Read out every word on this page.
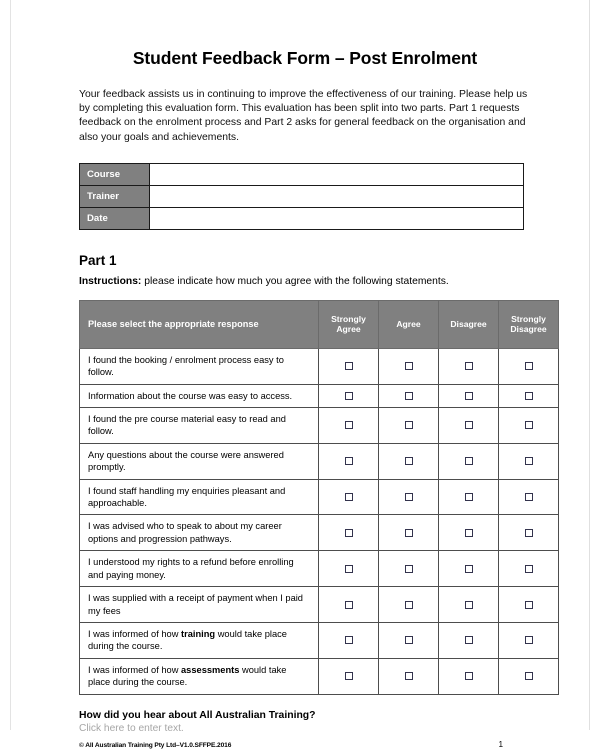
Student Feedback Form – Post Enrolment

Your feedback assists us in continuing to improve the effectiveness of our training. Please help us by completing this evaluation form. This evaluation has been split into two parts. Part 1 requests feedback on the enrolment process and Part 2 asks for general feedback on the organisation and also your goals and achievements.

Course	
Trainer	
Date	
Part 1

Instructions: please indicate how much you agree with the following statements.

Please select the appropriate response	Strongly Agree	Agree	Disagree	Strongly Disagree
I found the booking / enrolment process easy to follow.				
Information about the course was easy to access.				
I found the pre course material easy to read and follow.				
Any questions about the course were answered promptly.				
I found staff handling my enquiries pleasant and approachable.				
I was advised who to speak to about my career options and progression pathways.				
I understood my rights to a refund before enrolling and paying money.				
I was supplied with a receipt of payment when I paid my fees				
I was informed of how training would take place during the course.				
I was informed of how assessments would take place during the course.				

How did you hear about All Australian Training?

Click here to enter text.

© All Australian Training Pty Ltd–V1.0.SFFPE.2016	1
